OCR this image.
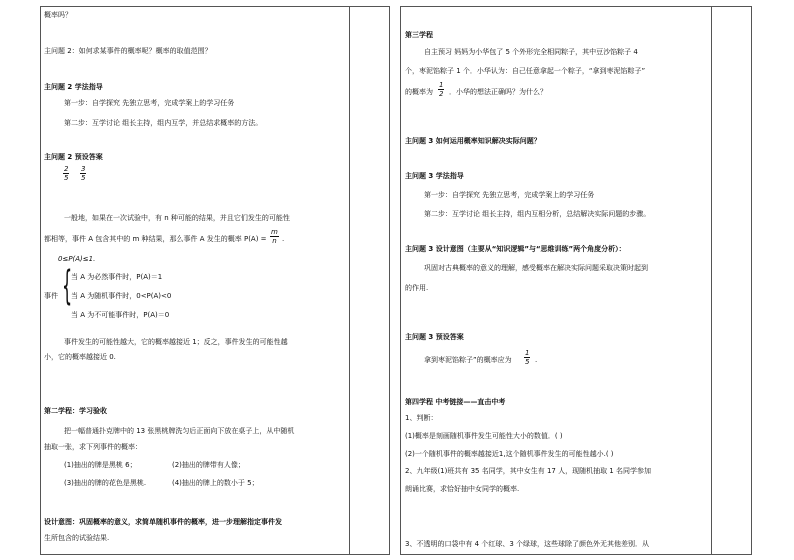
概率吗？
主问题 2：如何求某事件的概率呢？概率的取值范围？
主问题 2 学法指导
第一步：自学探究 先独立思考，完成学案上的学习任务
第二步：互学讨论 组长主持，组内互学，并总结求概率的方法。
主问题 2 预设答案
$\frac{2}{5} \frac{3}{5}$
一般地，如果在一次试验中，有 n 种可能的结果，并且它们发生的可能性
都相等，事件 A 包含其中的 m 种结果，那么事件 A 发生的概率 $P(A) = \frac{m}{n}$ .
0≤P(A)≤1.
事件 {
当 A 为必然事件时，P(A)＝1
当 A 为随机事件时，0<P(A)<0
当 A 为不可能事件时，P(A)＝0
事件发生的可能性越大，它的概率越接近 1；反之，事件发生的可能性越
小，它的概率越接近 0.
第二学程：学习验收
把一幅普通扑克牌中的 13 张黑桃牌洗匀后正面向下放在桌子上，从中随机
抽取一张，求下列事件的概率：
(1)抽出的牌是黑桃 6；	(2)抽出的牌带有人像；
(3)抽出的牌的花色是黑桃.	(4)抽出的牌上的数小于 5；
设计意图：巩固概率的意义，求简单随机事件的概率，进一步理解指定事件发
生所包含的试验结果.
第三学程
自主预习 妈妈为小华包了 5 个外形完全相同粽子，其中豆沙馅粽子 4
个，枣泥馅粽子 1 个．小华认为：自己任意拿起一个粽子，“拿到枣泥馅粽子”
的概率为 $\frac{1}{2}$ ．小华的想法正确吗？为什么？
主问题 3 如何运用概率知识解决实际问题？
主问题 3 学法指导
第一步：自学探究 先独立思考，完成学案上的学习任务
第二步：互学讨论 组长主持，组内互相分析，总结解决实际问题的步骤。
主问题 3 设计意图（主要从“知识逻辑”与“思维训练”两个角度分析）：
巩固对古典概率的意义的理解，感受概率在解决实际问题采取决策时起到
的作用.
主问题 3 预设答案
拿到枣泥馅粽子”的概率应为 $\frac{1}{5}$ .
第四学程 中考链接——直击中考
1、判断：
(1)概率是刻画随机事件发生可能性大小的数值．( )
(2)一个随机事件的概率越接近1,这个随机事件发生的可能性越小.( )
2、九年级(1)班共有 35 名同学，其中女生有 17 人，现随机抽取 1 名同学参加
朗诵比赛，求恰好抽中女同学的概率.
3、不透明的口袋中有 4 个红球、3 个绿球，这些球除了颜色外无其他差别．从
